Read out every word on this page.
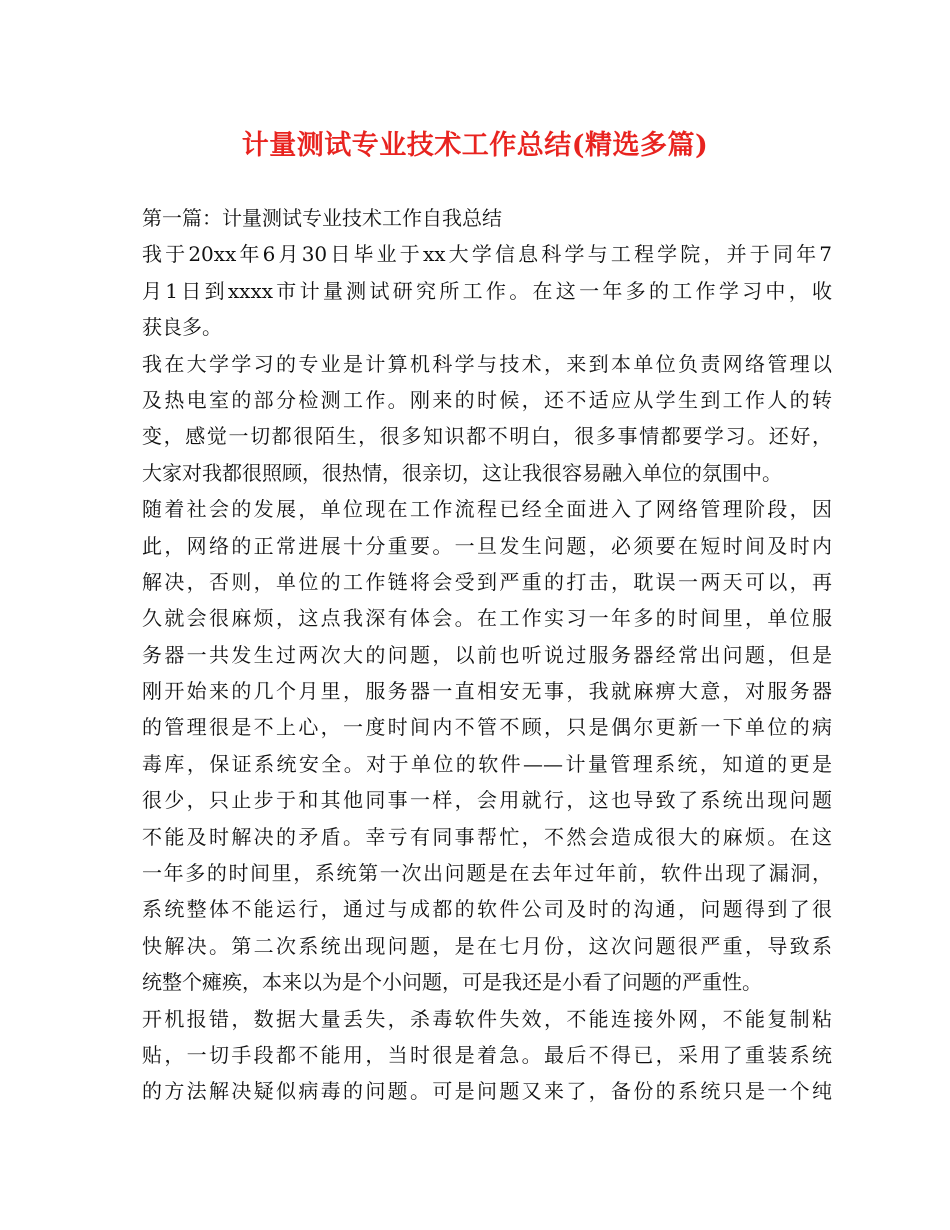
计量测试专业技术工作总结(精选多篇)
第一篇：计量测试专业技术工作自我总结
我于20xx年6月30日毕业于xx大学信息科学与工程学院，并于同年7
月1日到xxxx市计量测试研究所工作。在这一年多的工作学习中，收
获良多。
我在大学学习的专业是计算机科学与技术，来到本单位负责网络管理以
及热电室的部分检测工作。刚来的时候，还不适应从学生到工作人的转
变，感觉一切都很陌生，很多知识都不明白，很多事情都要学习。还好，
大家对我都很照顾，很热情，很亲切，这让我很容易融入单位的氛围中。
随着社会的发展，单位现在工作流程已经全面进入了网络管理阶段，因
此，网络的正常进展十分重要。一旦发生问题，必须要在短时间及时内
解决，否则，单位的工作链将会受到严重的打击，耽误一两天可以，再
久就会很麻烦，这点我深有体会。在工作实习一年多的时间里，单位服
务器一共发生过两次大的问题，以前也听说过服务器经常出问题，但是
刚开始来的几个月里，服务器一直相安无事，我就麻痹大意，对服务器
的管理很是不上心，一度时间内不管不顾，只是偶尔更新一下单位的病
毒库，保证系统安全。对于单位的软件——计量管理系统，知道的更是
很少，只止步于和其他同事一样，会用就行，这也导致了系统出现问题
不能及时解决的矛盾。幸亏有同事帮忙，不然会造成很大的麻烦。在这
一年多的时间里，系统第一次出问题是在去年过年前，软件出现了漏洞，
系统整体不能运行，通过与成都的软件公司及时的沟通，问题得到了很
快解决。第二次系统出现问题，是在七月份，这次问题很严重，导致系
统整个瘫痪，本来以为是个小问题，可是我还是小看了问题的严重性。
开机报错，数据大量丢失，杀毒软件失效，不能连接外网，不能复制粘
贴，一切手段都不能用，当时很是着急。最后不得已，采用了重装系统
的方法解决疑似病毒的问题。可是问题又来了，备份的系统只是一个纯
